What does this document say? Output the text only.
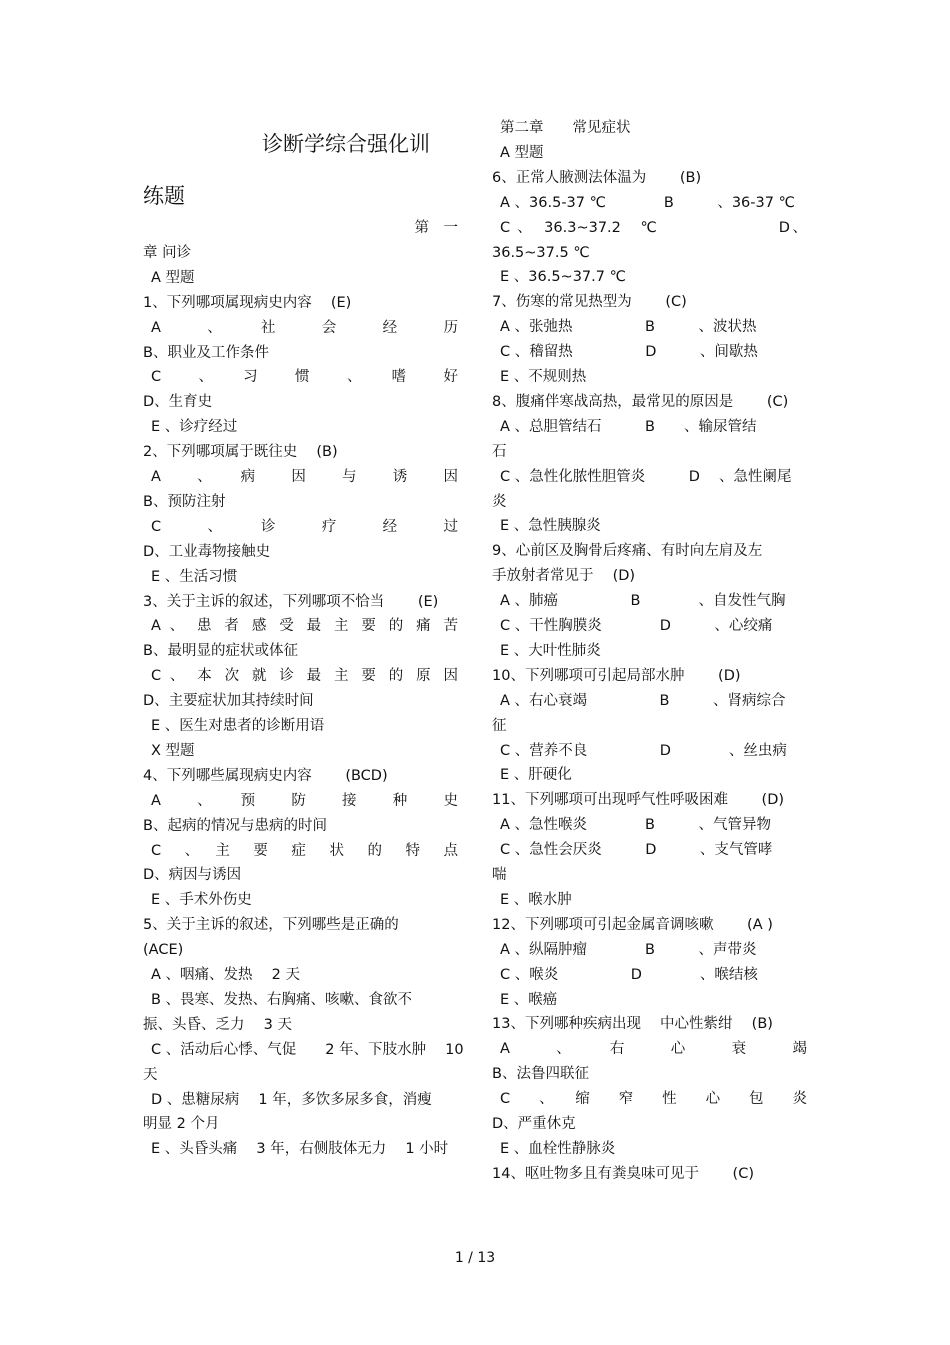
诊断学综合强化训
练题
第　一
章 问诊
A 型题
1、下列哪项属现病史内容　 (E)
A　 、　 社　 会　 经　 历
B、职业及工作条件
C　 、　 习　 惯　 、　 嗜　 好
D、生育史
E 、诊疗经过
2、下列哪项属于既往史　 (B)
A　 、　 病　 因　 与　 诱　 因
B、预防注射
C　 、　 诊　 疗　 经　 过
D、工业毒物接触史
E 、生活习惯
3、关于主诉的叙述，下列哪项不恰当　　 (E)
A 、 患 者 感 受 最 主 要 的 痛 苦
B、最明显的症状或体征
C 、 本 次 就 诊 最 主 要 的 原 因
D、主要症状加其持续时间
E 、医生对患者的诊断用语
X 型题
4、下列哪些属现病史内容　　 (BCD)
A　 、　 预　 防　 接　 种　 史
B、起病的情况与患病的时间
C　 、　 主　 要　 症　 状　 的　 特　 点
D、病因与诱因
E 、手术外伤史
5、关于主诉的叙述，下列哪些是正确的
(ACE)
A 、咽痛、发热　 2 天
B 、畏寒、发热、右胸痛、咳嗽、食欲不
振、头昏、乏力　 3 天
C 、活动后心悸、气促　　2 年、下肢水肿　 10
天
D 、患糖尿病　 1 年，多饮多尿多食，消瘦
明显 2 个月
E 、头昏头痛　 3 年，右侧肢体无力　 1 小时
第二章　　常见症状
A 型题
6、正常人腋测法体温为　　 (B)
A 、36.5-37 ℃　　　　B　　　、36-37 ℃
C 、　36.3~37.2　℃　　　　　　　D、
36.5~37.5 ℃
E 、36.5~37.7 ℃
7、伤寒的常见热型为　　 (C)
A 、张弛热　　　　　B　　　、波状热
C 、稽留热　　　　　D　　　、间歇热
E 、不规则热
8、腹痛伴寒战高热，最常见的原因是　　 (C)
A 、总胆管结石　　　B　　、输尿管结
石
C 、急性化脓性胆管炎　　　D　 、急性阑尾
炎
E 、急性胰腺炎
9、心前区及胸骨后疼痛、有时向左肩及左
手放射者常见于　 (D)
A 、肺癌　　　　　B　　　　、自发性气胸
C 、干性胸膜炎　　　　D　　　、心绞痛
E 、大叶性肺炎
10、下列哪项可引起局部水肿　　 (D)
A 、右心衰竭　　　　　B　　　、肾病综合
征
C 、营养不良　　　　　D　　　　、丝虫病
E 、肝硬化
11、下列哪项可出现呼气性呼吸困难　　 (D)
A 、急性喉炎　　　　B　　　、气管异物
C 、急性会厌炎　　　D　　　、支气管哮
喘
E 、喉水肿
12、下列哪项可引起金属音调咳嗽　　 (A )
A 、纵隔肿瘤　　　　B　　　、声带炎
C 、喉炎　　　　　D　　　　、喉结核
E 、喉癌
13、下列哪种疾病出现　 中心性紫绀　 (B)
A　　 、　　 右　　 心　　 衰　　 竭
B、法鲁四联征
C　 、　 缩　 窄　 性　 心　 包　 炎
D、严重休克
E 、血栓性静脉炎
14、呕吐物多且有粪臭味可见于　　 (C)
1 / 13
